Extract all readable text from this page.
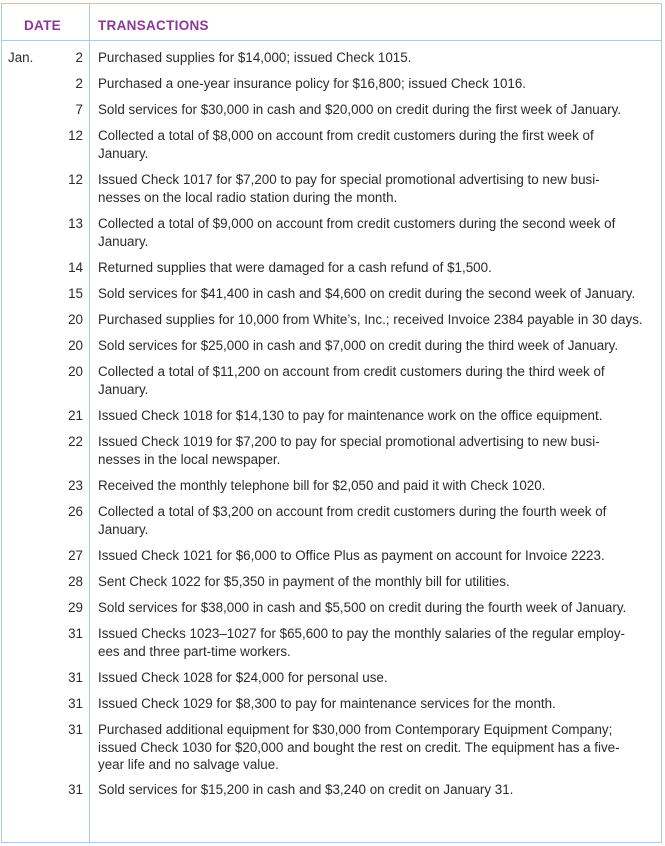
DATE	TRANSACTIONS
Jan.	2 Purchased supplies for $14,000; issued Check 1015.
2 Purchased a one-year insurance policy for $16,800; issued Check 1016.
7 Sold services for $30,000 in cash and $20,000 on credit during the first week of January.
12 Collected a total of $8,000 on account from credit customers during the first week of
January.
12 Issued Check 1017 for $7,200 to pay for special promotional advertising to new busi-
nesses on the local radio station during the month.
13 Collected a total of $9,000 on account from credit customers during the second week of
January.
14 Returned supplies that were damaged for a cash refund of $1,500.
15 Sold services for $41,400 in cash and $4,600 on credit during the second week of January.
20 Purchased supplies for 10,000 from White’s, Inc.; received Invoice 2384 payable in 30 days.
20 Sold services for $25,000 in cash and $7,000 on credit during the third week of January.
20 Collected a total of $11,200 on account from credit customers during the third week of
January.
21 Issued Check 1018 for $14,130 to pay for maintenance work on the office equipment.
22 Issued Check 1019 for $7,200 to pay for special promotional advertising to new busi-
nesses in the local newspaper.
23 Received the monthly telephone bill for $2,050 and paid it with Check 1020.
26 Collected a total of $3,200 on account from credit customers during the fourth week of
January.
27 Issued Check 1021 for $6,000 to Office Plus as payment on account for Invoice 2223.
28 Sent Check 1022 for $5,350 in payment of the monthly bill for utilities.
29 Sold services for $38,000 in cash and $5,500 on credit during the fourth week of January.
31 Issued Checks 1023–1027 for $65,600 to pay the monthly salaries of the regular employ-
ees and three part-time workers.
31 Issued Check 1028 for $24,000 for personal use.
31 Issued Check 1029 for $8,300 to pay for maintenance services for the month.
31 Purchased additional equipment for $30,000 from Contemporary Equipment Company;
issued Check 1030 for $20,000 and bought the rest on credit. The equipment has a five-
year life and no salvage value.
31 Sold services for $15,200 in cash and $3,240 on credit on January 31.
